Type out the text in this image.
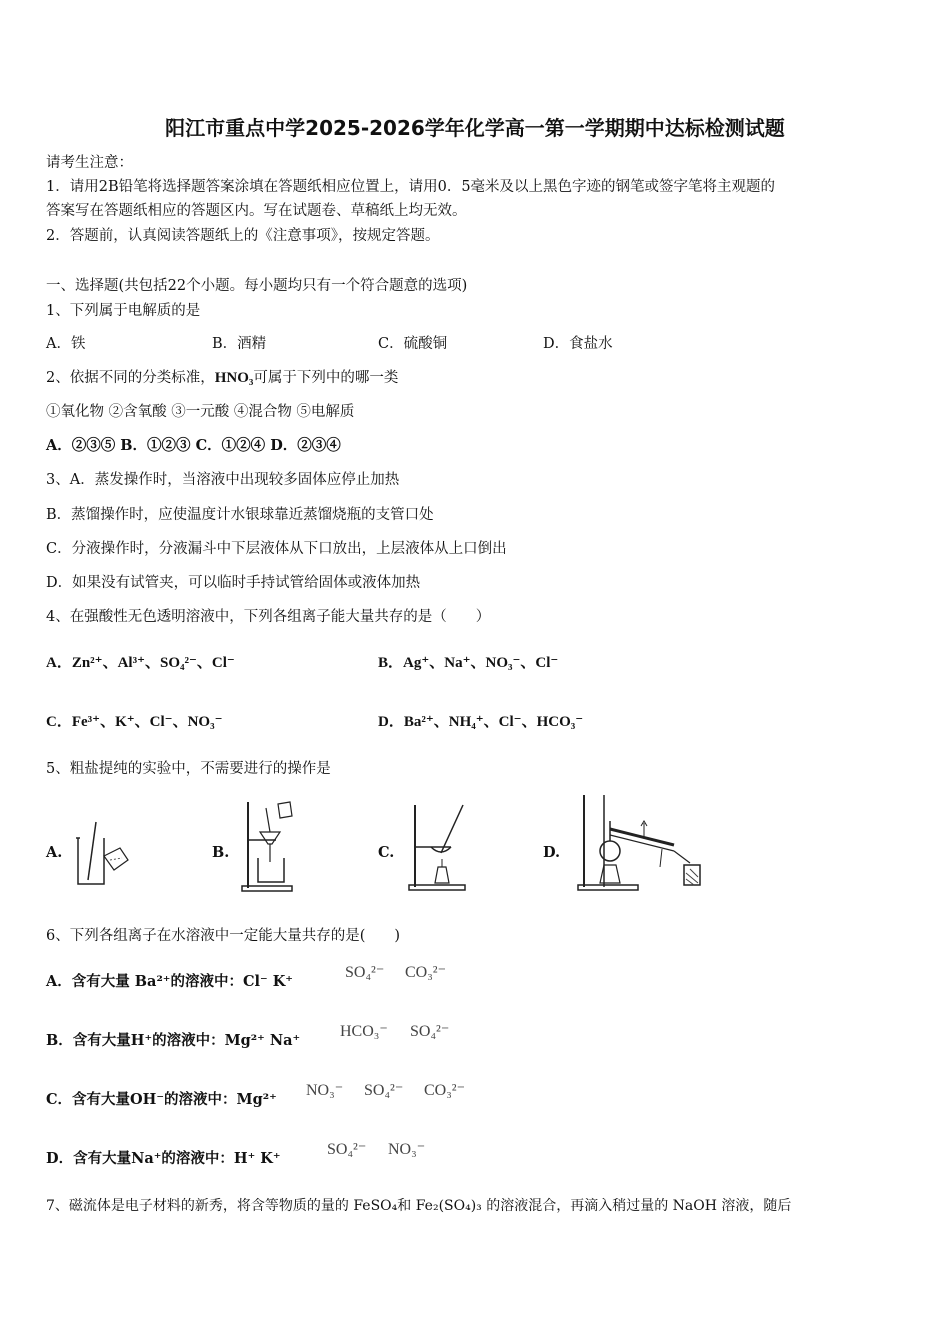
阳江市重点中学2025-2026学年化学高一第一学期期中达标检测试题
请考生注意：
1．请用2B铅笔将选择题答案涂填在答题纸相应位置上，请用0．5毫米及以上黑色字迹的钢笔或签字笔将主观题的
答案写在答题纸相应的答题区内。写在试题卷、草稿纸上均无效。
2．答题前，认真阅读答题纸上的《注意事项》，按规定答题。
一、选择题(共包括22个小题。每小题均只有一个符合题意的选项)
1、下列属于电解质的是
A．铁	B．酒精	C．硫酸铜	D．食盐水
2、依据不同的分类标准，HNO₃可属于下列中的哪一类
①氧化物 ②含氧酸 ③一元酸 ④混合物 ⑤电解质
A．②③⑤ B．①②③ C．①②④ D．②③④
3、A．蒸发操作时，当溶液中出现较多固体应停止加热
B．蒸馏操作时，应使温度计水银球靠近蒸馏烧瓶的支管口处
C．分液操作时，分液漏斗中下层液体从下口放出，上层液体从上口倒出
D．如果没有试管夹，可以临时手持试管给固体或液体加热
4、在强酸性无色透明溶液中，下列各组离子能大量共存的是（　　）
A．Zn²⁺、Al³⁺、SO₄²⁻、Cl⁻	B．Ag⁺、Na⁺、NO₃⁻、Cl⁻
C．Fe³⁺、K⁺、Cl⁻、NO₃⁻	D．Ba²⁺、NH₄⁺、Cl⁻、HCO₃⁻
5、粗盐提纯的实验中，不需要进行的操作是
A.	B.	C.	D.
6、下列各组离子在水溶液中一定能大量共存的是(　　)
A．含有大量 Ba²⁺的溶液中：Cl⁻ K⁺
SO₄²⁻ CO₃²⁻
B．含有大量H⁺的溶液中：Mg²⁺ Na⁺
HCO₃⁻ SO₄²⁻
C．含有大量OH⁻的溶液中：Mg²⁺
NO₃⁻ SO₄²⁻ CO₃²⁻
D．含有大量Na⁺的溶液中：H⁺ K⁺
SO₄²⁻ NO₃⁻
7、磁流体是电子材料的新秀，将含等物质的量的 FeSO₄和 Fe₂(SO₄)₃ 的溶液混合，再滴入稍过量的 NaOH 溶液，随后
